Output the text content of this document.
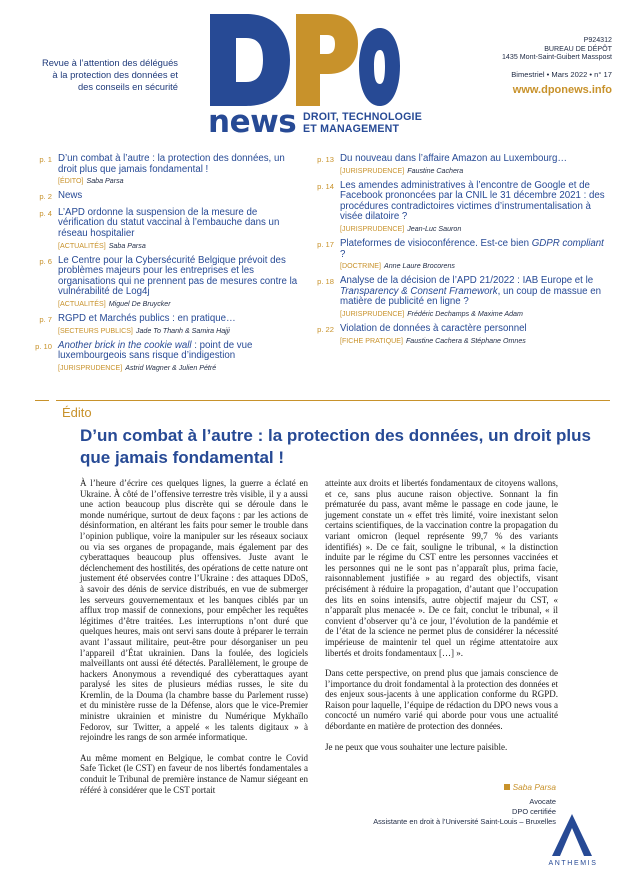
Revue à l’attention des délégués
à la protection des données et
des conseils en sécurité
news DROIT, TECHNOLOGIE
ET MANAGEMENT
P924312
BUREAU DE DÉPÔT
1435 Mont-Saint-Guibert Masspost
Bimestriel • Mars 2022 • n° 17
www.dponews.info
p. 1 D’un combat à l’autre : la protection des données, un droit plus que jamais fondamental !
[ÉDITO] Saba Parsa
p. 2 News
p. 4 L’APD ordonne la suspension de la mesure de vérification du statut vaccinal à l’embauche dans un réseau hospitalier
[ACTUALITÉS] Saba Parsa
p. 6 Le Centre pour la Cybersécurité Belgique prévoit des problèmes majeurs pour les entreprises et les organisations qui ne prennent pas de mesures contre la vulnérabilité de Log4j
[ACTUALITÉS] Miguel De Bruycker
p. 7 RGPD et Marchés publics : en pratique…
[SECTEURS PUBLICS] Jade To Thanh & Samira Hajji
p. 10 Another brick in the cookie wall : point de vue luxembourgeois sans risque d’indigestion
[JURISPRUDENCE] Astrid Wagner & Julien Pétré
p. 13 Du nouveau dans l’affaire Amazon au Luxembourg…
[JURISPRUDENCE] Faustine Cachera
p. 14 Les amendes administratives à l’encontre de Google et de Facebook prononcées par la CNIL le 31 décembre 2021 : des procédures contradictoires victimes d’instrumentalisation à visée dilatoire ?
[JURISPRUDENCE] Jean-Luc Sauron
p. 17 Plateformes de visioconférence. Est-ce bien GDPR compliant ?
[DOCTRINE] Anne Laure Brocorens
p. 18 Analyse de la décision de l’APD 21/2022 : IAB Europe et le Transparency & Consent Framework, un coup de massue en matière de publicité en ligne ?
[JURISPRUDENCE] Frédéric Dechamps & Maxime Adam
p. 22 Violation de données à caractère personnel
[FICHE PRATIQUE] Faustine Cachera & Stéphane Omnes
Édito
D’un combat à l’autre : la protection des données, un droit plus que jamais fondamental !

À l’heure d’écrire ces quelques lignes, la guerre a éclaté en Ukraine. À côté de l’offensive terrestre très visible, il y a aussi une action beaucoup plus discrète qui se déroule dans le monde numérique, surtout de deux façons : par les actions de désinformation, en altérant les faits pour semer le trouble dans l’opinion publique, voire la manipuler sur les réseaux sociaux ou via ses organes de propagande, mais également par des cyberattaques beaucoup plus offensives. Juste avant le déclenchement des hostilités, des opérations de cette nature ont justement été observées contre l’Ukraine : des attaques DDoS, à savoir des dénis de service distribués, en vue de submerger les serveurs gouvernementaux et les banques ciblés par un afflux trop massif de connexions, pour empêcher les requêtes légitimes d’être traitées. Les interruptions n’ont duré que quelques heures, mais ont servi sans doute à préparer le terrain avant l’assaut militaire, peut-être pour désorganiser un peu l’appareil d’État ukrainien. Dans la foulée, des logiciels malveillants ont aussi été détectés. Parallèlement, le groupe de hackers Anonymous a revendiqué des cyberattaques ayant paralysé les sites de plusieurs médias russes, le site du Kremlin, de la Douma (la chambre basse du Parlement russe) et du ministère russe de la Défense, alors que le vice-Premier ministre ukrainien et ministre du Numérique Mykhaïlo Fedorov, sur Twitter, a appelé « les talents digitaux » à rejoindre les rangs de son armée informatique.

Au même moment en Belgique, le combat contre le Covid Safe Ticket (le CST) en faveur de nos libertés fondamentales a conduit le Tribunal de première instance de Namur siégeant en référé à considérer que le CST portait

atteinte aux droits et libertés fondamentaux de citoyens wallons, et ce, sans plus aucune raison objective. Sonnant la fin prématurée du pass, avant même le passage en code jaune, le jugement constate un « effet très limité, voire inexistant selon certains scientifiques, de la vaccination contre la propagation du variant omicron (lequel représente 99,7 % des variants identifiés) ». De ce fait, souligne le tribunal, « la distinction induite par le régime du CST entre les personnes vaccinées et les personnes qui ne le sont pas n’apparaît plus, prima facie, raisonnablement justifiée » au regard des objectifs, visant précisément à réduire la propagation, d’autant que l’occupation des lits en soins intensifs, autre objectif majeur du CST, « n’apparaît plus menacée ». De ce fait, conclut le tribunal, « il convient d’observer qu’à ce jour, l’évolution de la pandémie et de l’état de la science ne permet plus de considérer la nécessité impérieuse de maintenir tel quel un régime attentatoire aux libertés et droits fondamentaux […] ».

Dans cette perspective, on prend plus que jamais conscience de l’importance du droit fondamental à la protection des données et des enjeux sous-jacents à une application conforme du RGPD. Raison pour laquelle, l’équipe de rédaction du DPO news vous a concocté un numéro varié qui aborde pour vous une actualité débordante en matière de protection des données.

Je ne peux que vous souhaiter une lecture paisible.

Saba Parsa
Avocate
DPO certifiée
Assistante en droit à l’Université Saint-Louis – Bruxelles
ANTHEMIS
